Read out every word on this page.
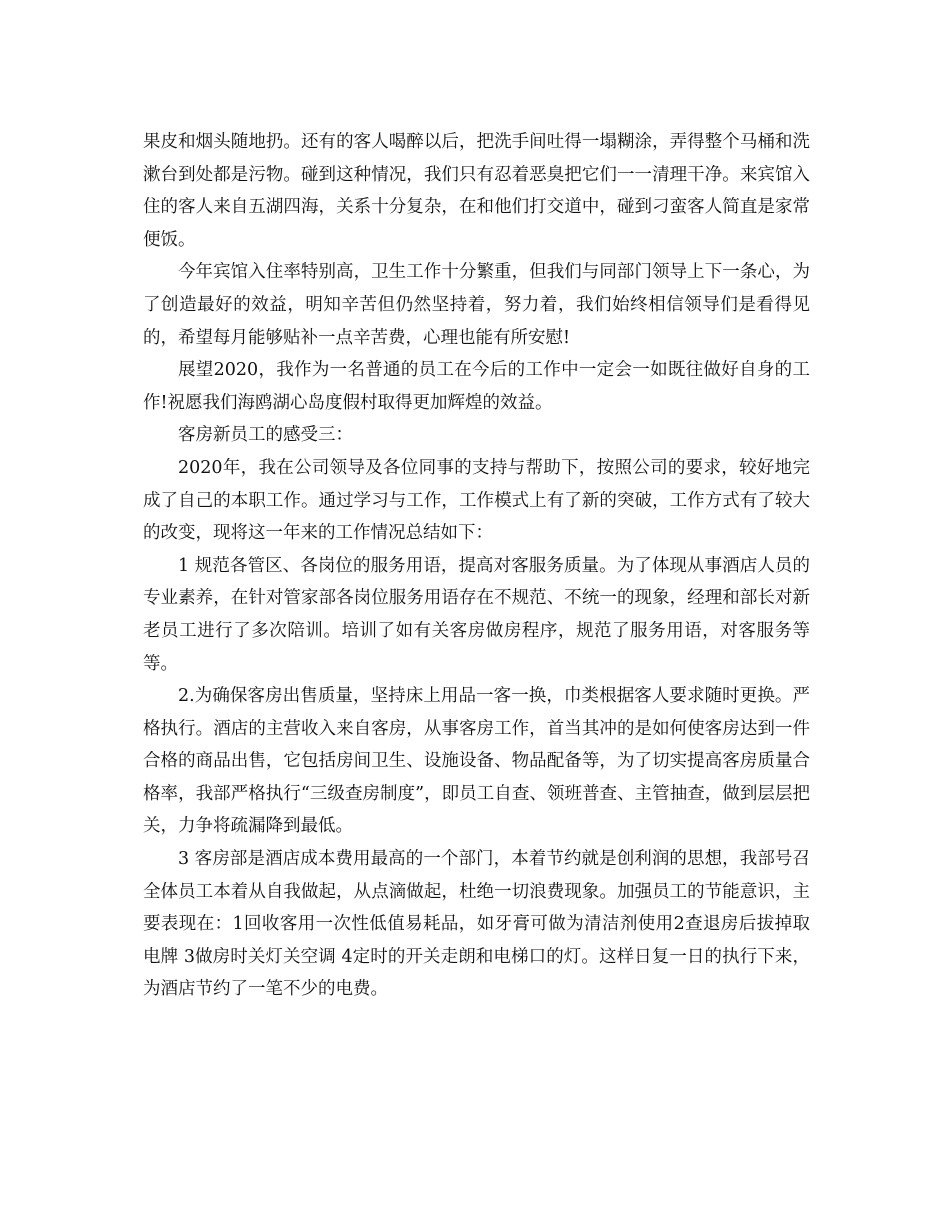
果皮和烟头随地扔。还有的客人喝醉以后，把洗手间吐得一塌糊涂，弄得整个马桶和洗漱台到处都是污物。碰到这种情况，我们只有忍着恶臭把它们一一清理干净。来宾馆入住的客人来自五湖四海，关系十分复杂，在和他们打交道中，碰到刁蛮客人简直是家常便饭。

今年宾馆入住率特别高，卫生工作十分繁重，但我们与同部门领导上下一条心，为了创造最好的效益，明知辛苦但仍然坚持着，努力着，我们始终相信领导们是看得见的，希望每月能够贴补一点辛苦费，心理也能有所安慰!

展望2020，我作为一名普通的员工在今后的工作中一定会一如既往做好自身的工作!祝愿我们海鸥湖心岛度假村取得更加辉煌的效益。

客房新员工的感受三：

2020年，我在公司领导及各位同事的支持与帮助下，按照公司的要求，较好地完成了自己的本职工作。通过学习与工作，工作模式上有了新的突破，工作方式有了较大的改变，现将这一年来的工作情况总结如下：

1 规范各管区、各岗位的服务用语，提高对客服务质量。为了体现从事酒店人员的专业素养，在针对管家部各岗位服务用语存在不规范、不统一的现象，经理和部长对新老员工进行了多次陪训。培训了如有关客房做房程序，规范了服务用语，对客服务等等。

2.为确保客房出售质量，坚持床上用品一客一换，巾类根据客人要求随时更换。严格执行。酒店的主营收入来自客房，从事客房工作，首当其冲的是如何使客房达到一件合格的商品出售，它包括房间卫生、设施设备、物品配备等，为了切实提高客房质量合格率，我部严格执行“三级查房制度”，即员工自查、领班普查、主管抽查，做到层层把关，力争将疏漏降到最低。

3 客房部是酒店成本费用最高的一个部门，本着节约就是创利润的思想，我部号召全体员工本着从自我做起，从点滴做起，杜绝一切浪费现象。加强员工的节能意识，主要表现在：1回收客用一次性低值易耗品，如牙膏可做为清洁剂使用2查退房后拔掉取电牌 3做房时关灯关空调 4定时的开关走朗和电梯口的灯。这样日复一日的执行下来，为酒店节约了一笔不少的电费。
